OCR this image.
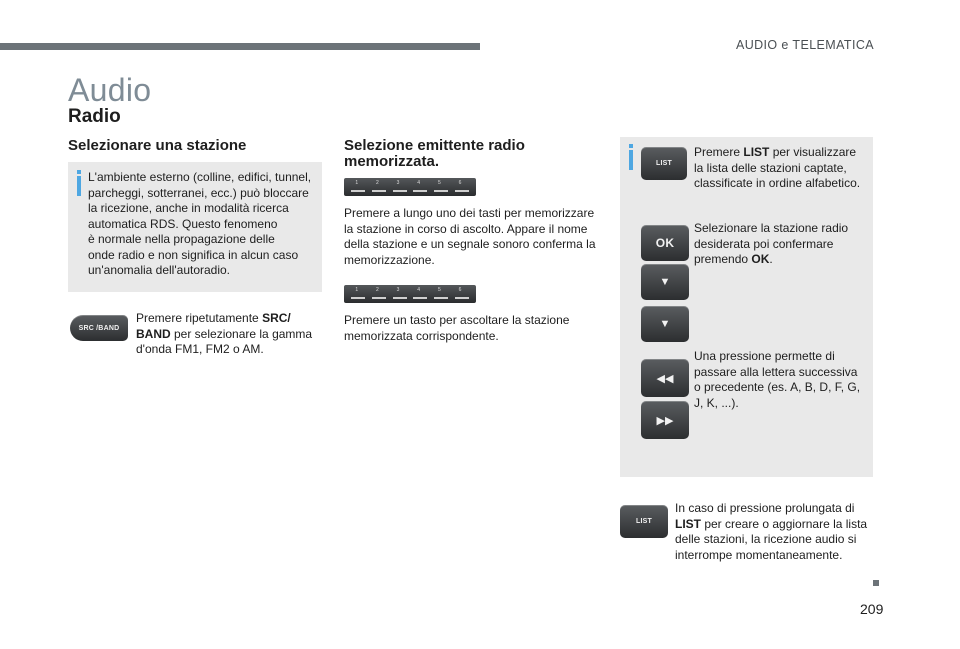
AUDIO e TELEMATICA
Audio
Radio
Selezionare una stazione
L'ambiente esterno (colline, edifici, tunnel,
parcheggi, sotterranei, ecc.) può bloccare
la ricezione, anche in modalità ricerca
automatica RDS. Questo fenomeno
è normale nella propagazione delle
onde radio e non significa in alcun caso
un'anomalia dell'autoradio.
SRC /BAND
Premere ripetutamente SRC/
BAND per selezionare la gamma
d'onda FM1, FM2 o AM.
Selezione emittente radio
memorizzata.
1	2	3	4	5	6
Premere a lungo uno dei tasti per memorizzare
la stazione in corso di ascolto. Appare il nome
della stazione e un segnale sonoro conferma la
memorizzazione.
1	2	3	4	5	6
Premere un tasto per ascoltare la stazione
memorizzata corrispondente.
LIST
Premere LIST per visualizzare
la lista delle stazioni captate,
classificate in ordine alfabetico.
OK
Selezionare la stazione radio
desiderata poi confermare
premendo OK.
▼
▼
◀◀
▶▶
Una pressione permette di
passare alla lettera successiva
o precedente (es. A, B, D, F, G,
J, K, ...).
LIST
In caso di pressione prolungata di
LIST per creare o aggiornare la lista
delle stazioni, la ricezione audio si
interrompe momentaneamente.
209
